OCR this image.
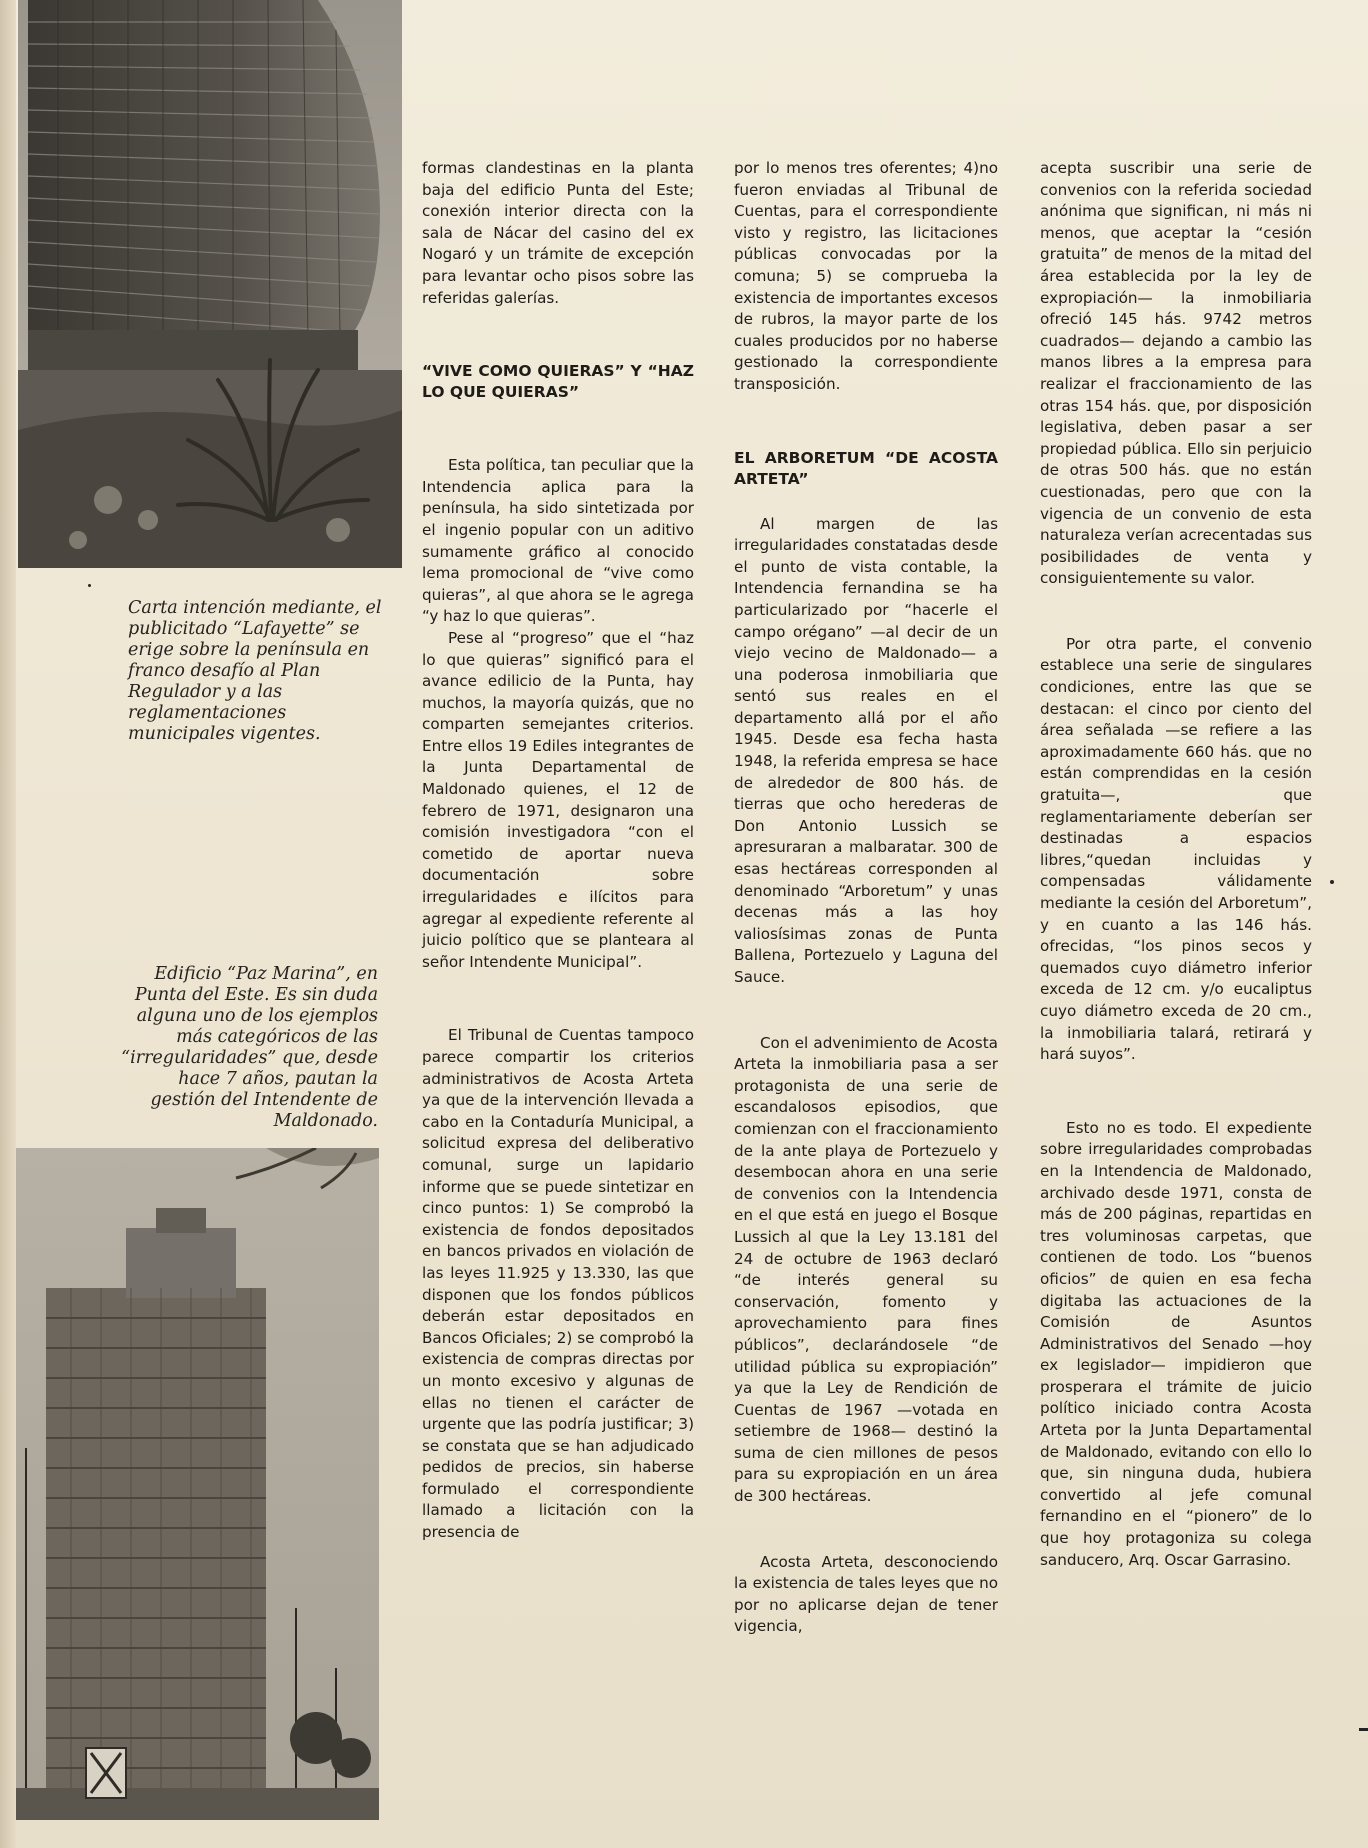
Carta intención mediante, el publicitado “Lafayette” se erige sobre la península en franco desafío al Plan Regulador y a las reglamentaciones municipales vigentes.

Edificio “Paz Marina”, en Punta del Este. Es sin duda alguna uno de los ejemplos más categóricos de las “irregularidades” que, desde hace 7 años, pautan la gestión del Intendente de Maldonado.

formas clandestinas en la planta baja del edificio Punta del Este; conexión interior directa con la sala de Nácar del casino del ex Nogaró y un trámite de excepción para levantar ocho pisos sobre las referidas galerías.

“VIVE COMO QUIERAS” Y “HAZ LO QUE QUIERAS”

Esta política, tan peculiar que la Intendencia aplica para la península, ha sido sintetizada por el ingenio popular con un aditivo sumamente gráfico al conocido lema promocional de “vive como quieras”, al que ahora se le agrega “y haz lo que quieras”.

Pese al “progreso” que el “haz lo que quieras” significó para el avance edilicio de la Punta, hay muchos, la mayoría quizás, que no comparten semejantes criterios. Entre ellos 19 Ediles integrantes de la Junta Departamental de Maldonado quienes, el 12 de febrero de 1971, designaron una comisión investigadora “con el cometido de aportar nueva documentación sobre irregularidades e ilícitos para agregar al expediente referente al juicio político que se planteara al señor Intendente Municipal”.

El Tribunal de Cuentas tampoco parece compartir los criterios administrativos de Acosta Arteta ya que de la intervención llevada a cabo en la Contaduría Municipal, a solicitud expresa del deliberativo comunal, surge un lapidario informe que se puede sintetizar en cinco puntos: 1) Se comprobó la existencia de fondos depositados en bancos privados en violación de las leyes 11.925 y 13.330, las que disponen que los fondos públicos deberán estar depositados en Bancos Oficiales; 2) se comprobó la existencia de compras directas por un monto excesivo y algunas de ellas no tienen el carácter de urgente que las podría justificar; 3) se constata que se han adjudicado pedidos de precios, sin haberse formulado el correspondiente llamado a licitación con la presencia de

por lo menos tres oferentes; 4)no fueron enviadas al Tribunal de Cuentas, para el correspondiente visto y registro, las licitaciones públicas convocadas por la comuna; 5) se comprueba la existencia de importantes excesos de rubros, la mayor parte de los cuales producidos por no haberse gestionado la correspondiente transposición.

EL ARBORETUM “DE ACOSTA ARTETA”

Al margen de las irregularidades constatadas desde el punto de vista contable, la Intendencia fernandina se ha particularizado por “hacerle el campo orégano” —al decir de un viejo vecino de Maldonado— a una poderosa inmobiliaria que sentó sus reales en el departamento allá por el año 1945. Desde esa fecha hasta 1948, la referida empresa se hace de alrededor de 800 hás. de tierras que ocho herederas de Don Antonio Lussich se apresuraran a malbaratar. 300 de esas hectáreas corresponden al denominado “Arboretum” y unas decenas más a las hoy valiosísimas zonas de Punta Ballena, Portezuelo y Laguna del Sauce.

Con el advenimiento de Acosta Arteta la inmobiliaria pasa a ser protagonista de una serie de escandalosos episodios, que comienzan con el fraccionamiento de la ante playa de Portezuelo y desembocan ahora en una serie de convenios con la Intendencia en el que está en juego el Bosque Lussich al que la Ley 13.181 del 24 de octubre de 1963 declaró “de interés general su conservación, fomento y aprovechamiento para fines públicos”, declarándosele “de utilidad pública su expropiación” ya que la Ley de Rendición de Cuentas de 1967 —votada en setiembre de 1968— destinó la suma de cien millones de pesos para su expropiación en un área de 300 hectáreas.

Acosta Arteta, desconociendo la existencia de tales leyes que no por no aplicarse dejan de tener vigencia,

acepta suscribir una serie de convenios con la referida sociedad anónima que significan, ni más ni menos, que aceptar la “cesión gratuita” de menos de la mitad del área establecida por la ley de expropiación— la inmobiliaria ofreció 145 hás. 9742 metros cuadrados— dejando a cambio las manos libres a la empresa para realizar el fraccionamiento de las otras 154 hás. que, por disposición legislativa, deben pasar a ser propiedad pública. Ello sin perjuicio de otras 500 hás. que no están cuestionadas, pero que con la vigencia de un convenio de esta naturaleza verían acrecentadas sus posibilidades de venta y consiguientemente su valor.

Por otra parte, el convenio establece una serie de singulares condiciones, entre las que se destacan: el cinco por ciento del área señalada —se refiere a las aproximadamente 660 hás. que no están comprendidas en la cesión gratuita—, que reglamentariamente deberían ser destinadas a espacios libres,“quedan incluidas y compensadas válidamente mediante la cesión del Arboretum”, y en cuanto a las 146 hás. ofrecidas, “los pinos secos y quemados cuyo diámetro inferior exceda de 12 cm. y/o eucaliptus cuyo diámetro exceda de 20 cm., la inmobiliaria talará, retirará y hará suyos”.

Esto no es todo. El expediente sobre irregularidades comprobadas en la Intendencia de Maldonado, archivado desde 1971, consta de más de 200 páginas, repartidas en tres voluminosas carpetas, que contienen de todo. Los “buenos oficios” de quien en esa fecha digitaba las actuaciones de la Comisión de Asuntos Administrativos del Senado —hoy ex legislador— impidieron que prosperara el trámite de juicio político iniciado contra Acosta Arteta por la Junta Departamental de Maldonado, evitando con ello lo que, sin ninguna duda, hubiera convertido al jefe comunal fernandino en el “pionero” de lo que hoy protagoniza su colega sanducero, Arq. Oscar Garrasino.
